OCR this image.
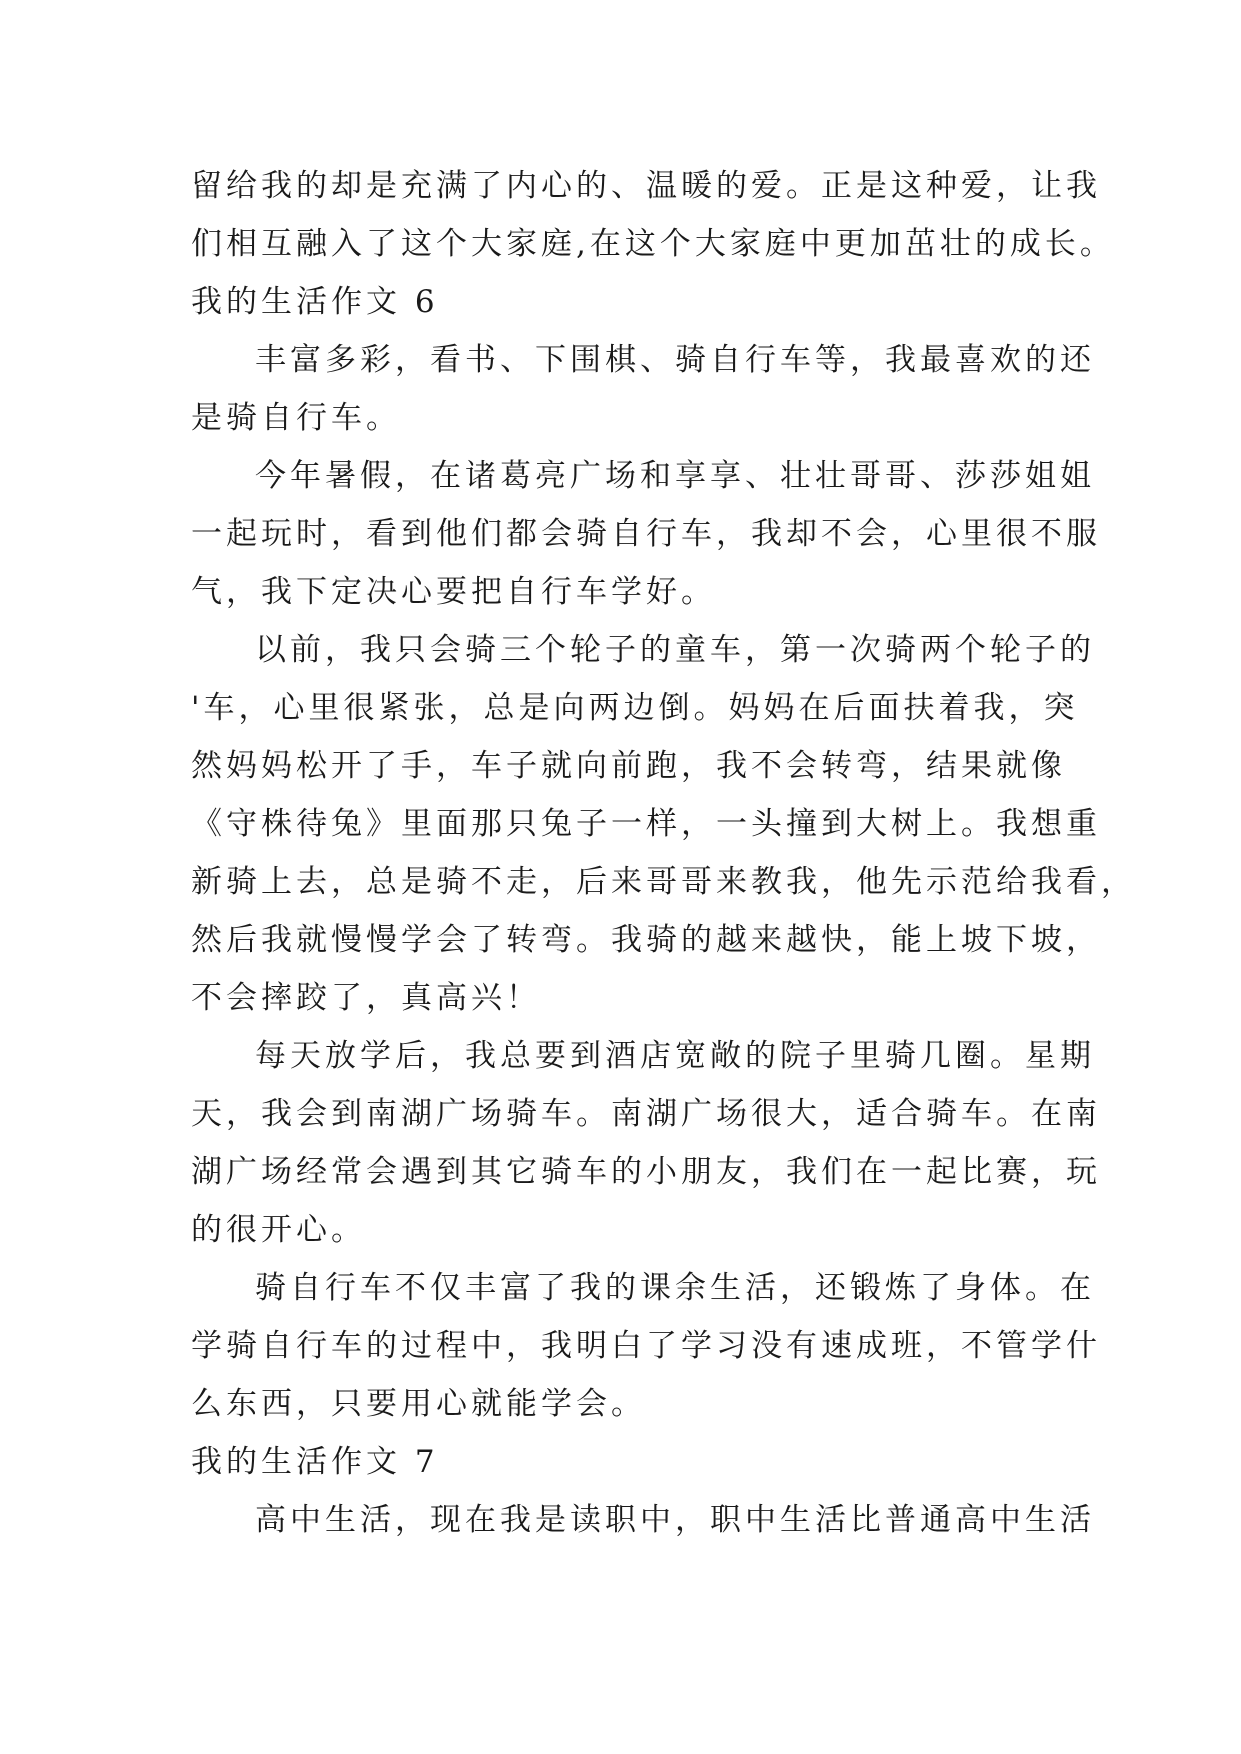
留给我的却是充满了内心的、温暖的爱。正是这种爱，让我
们相互融入了这个大家庭,在这个大家庭中更加茁壮的成长。
我的生活作文 6
丰富多彩，看书、下围棋、骑自行车等，我最喜欢的还
是骑自行车。
今年暑假，在诸葛亮广场和享享、壮壮哥哥、莎莎姐姐
一起玩时，看到他们都会骑自行车，我却不会，心里很不服
气，我下定决心要把自行车学好。
以前，我只会骑三个轮子的童车，第一次骑两个轮子的
'车，心里很紧张，总是向两边倒。妈妈在后面扶着我，突
然妈妈松开了手，车子就向前跑，我不会转弯，结果就像
《守株待兔》里面那只兔子一样，一头撞到大树上。我想重
新骑上去，总是骑不走，后来哥哥来教我，他先示范给我看，
然后我就慢慢学会了转弯。我骑的越来越快，能上坡下坡，
不会摔跤了，真高兴！
每天放学后，我总要到酒店宽敞的院子里骑几圈。星期
天，我会到南湖广场骑车。南湖广场很大，适合骑车。在南
湖广场经常会遇到其它骑车的小朋友，我们在一起比赛，玩
的很开心。
骑自行车不仅丰富了我的课余生活，还锻炼了身体。在
学骑自行车的过程中，我明白了学习没有速成班，不管学什
么东西，只要用心就能学会。
我的生活作文 7
高中生活，现在我是读职中，职中生活比普通高中生活
